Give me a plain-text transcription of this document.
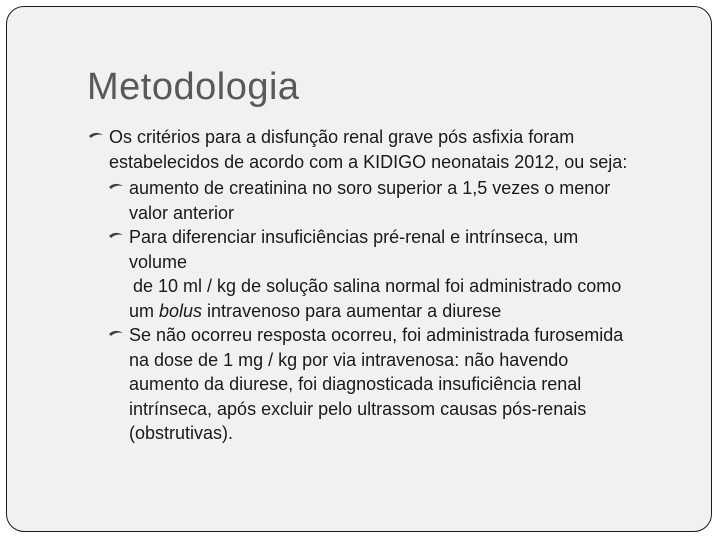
Metodologia
Os critérios para a disfunção renal grave pós asfixia foram
estabelecidos de acordo com a KIDIGO neonatais 2012, ou seja:
aumento de creatinina no soro superior a 1,5 vezes o menor
valor anterior
Para diferenciar insuficiências pré-renal e intrínseca, um
volume
de 10 ml / kg de solução salina normal foi administrado como
um bolus intravenoso para aumentar a diurese
Se não ocorreu resposta ocorreu, foi administrada furosemida
na dose de 1 mg / kg por via intravenosa: não havendo
aumento da diurese, foi diagnosticada insuficiência renal
intrínseca, após excluir pelo ultrassom causas pós-renais
(obstrutivas).
